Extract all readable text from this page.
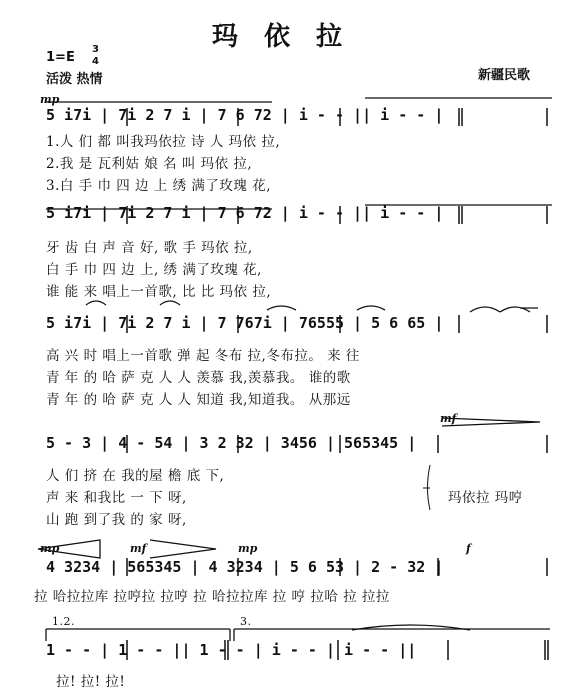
玛依拉
1=E
3
4
活泼 热情	新疆民歌
mp
mf
mp	mf	mp	f
5 i7i | 7i 2 7 i | 7 6 72 | i - - || i - - |
1.人 们 都 叫我玛依拉 诗 人 玛依 拉,
2.我 是 瓦利姑 娘 名 叫 玛依 拉,
3.白 手 巾 四 边 上 绣 满了玫瑰 花,
5 i7i | 7i 2 7 i | 7 6 72 | i - - || i - - |
牙 齿 白 声 音 好, 歌 手 玛依 拉,
白 手 巾 四 边 上, 绣 满了玫瑰 花,
谁 能 来 唱上一首歌, 比 比 玛依 拉,
5 i7i | 7i 2 7 i | 7 767i | 76555 | 5 6 65 |
高 兴 时 唱上一首歌 弹 起 冬布 拉,冬布拉。 来 往
青 年 的 哈 萨 克 人 人 羡慕 我,羡慕我。 谁的歌
青 年 的 哈 萨 克 人 人 知道 我,知道我。 从那远
5 - 3 | 4 - 54 | 3 2 32 | 3456 | 565345 |
人 们 挤 在 我的屋 檐 底 下,
声 来 和我比 一 下 呀,
山 跑 到了我 的 家 呀,
玛依拉 玛哼
4 3234 | 565345 | 4 3234 | 5 6 53 | 2 - 32 |
拉 哈拉拉库 拉哼拉 拉哼 拉 哈拉拉库 拉 哼 拉哈 拉 拉拉
1.2.	3.
1 - - | 1 - - || 1 - - | i - - | i - - ||
拉! 拉! 拉!
